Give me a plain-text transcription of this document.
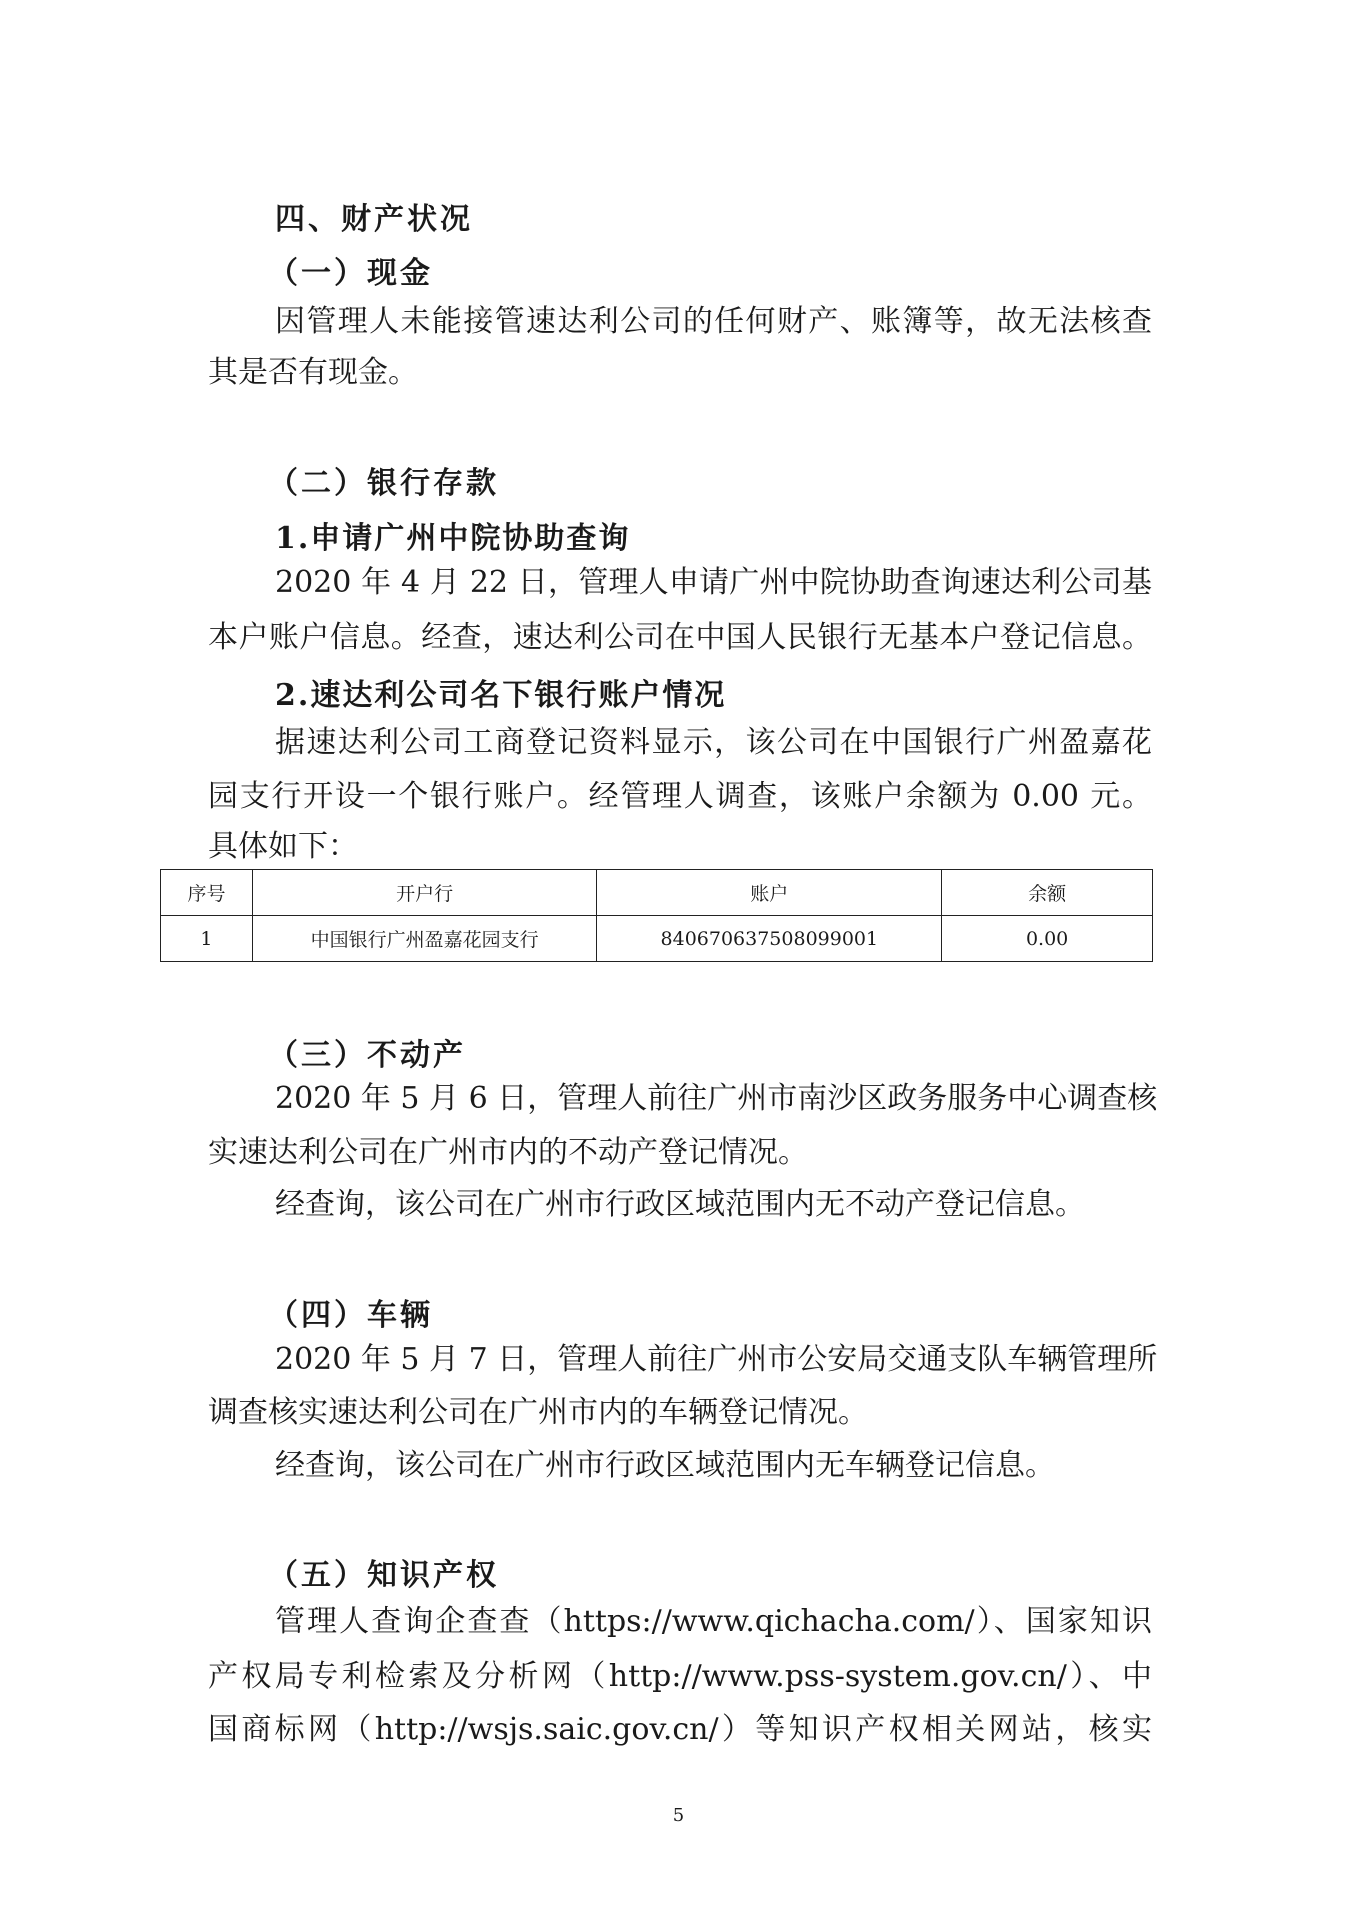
四、财产状况
（一）现金
因管理人未能接管速达利公司的任何财产、账簿等，故无法核查
其是否有现金。
（二）银行存款
1.申请广州中院协助查询
2020 年 4 月 22 日，管理人申请广州中院协助查询速达利公司基
本户账户信息。经查，速达利公司在中国人民银行无基本户登记信息。
2.速达利公司名下银行账户情况
据速达利公司工商登记资料显示，该公司在中国银行广州盈嘉花
园支行开设一个银行账户。经管理人调查，该账户余额为 0.00 元。
具体如下：
序号	开户行	账户	余额
1	中国银行广州盈嘉花园支行	840670637508099001	0.00
（三）不动产
2020 年 5 月 6 日，管理人前往广州市南沙区政务服务中心调查核
实速达利公司在广州市内的不动产登记情况。
经查询，该公司在广州市行政区域范围内无不动产登记信息。
（四）车辆
2020 年 5 月 7 日，管理人前往广州市公安局交通支队车辆管理所
调查核实速达利公司在广州市内的车辆登记情况。
经查询，该公司在广州市行政区域范围内无车辆登记信息。
（五）知识产权
管理人查询企查查（https://www.qichacha.com/）、国家知识
产权局专利检索及分析网（http://www.pss-system.gov.cn/）、中
国商标网（http://wsjs.saic.gov.cn/）等知识产权相关网站，核实
5
